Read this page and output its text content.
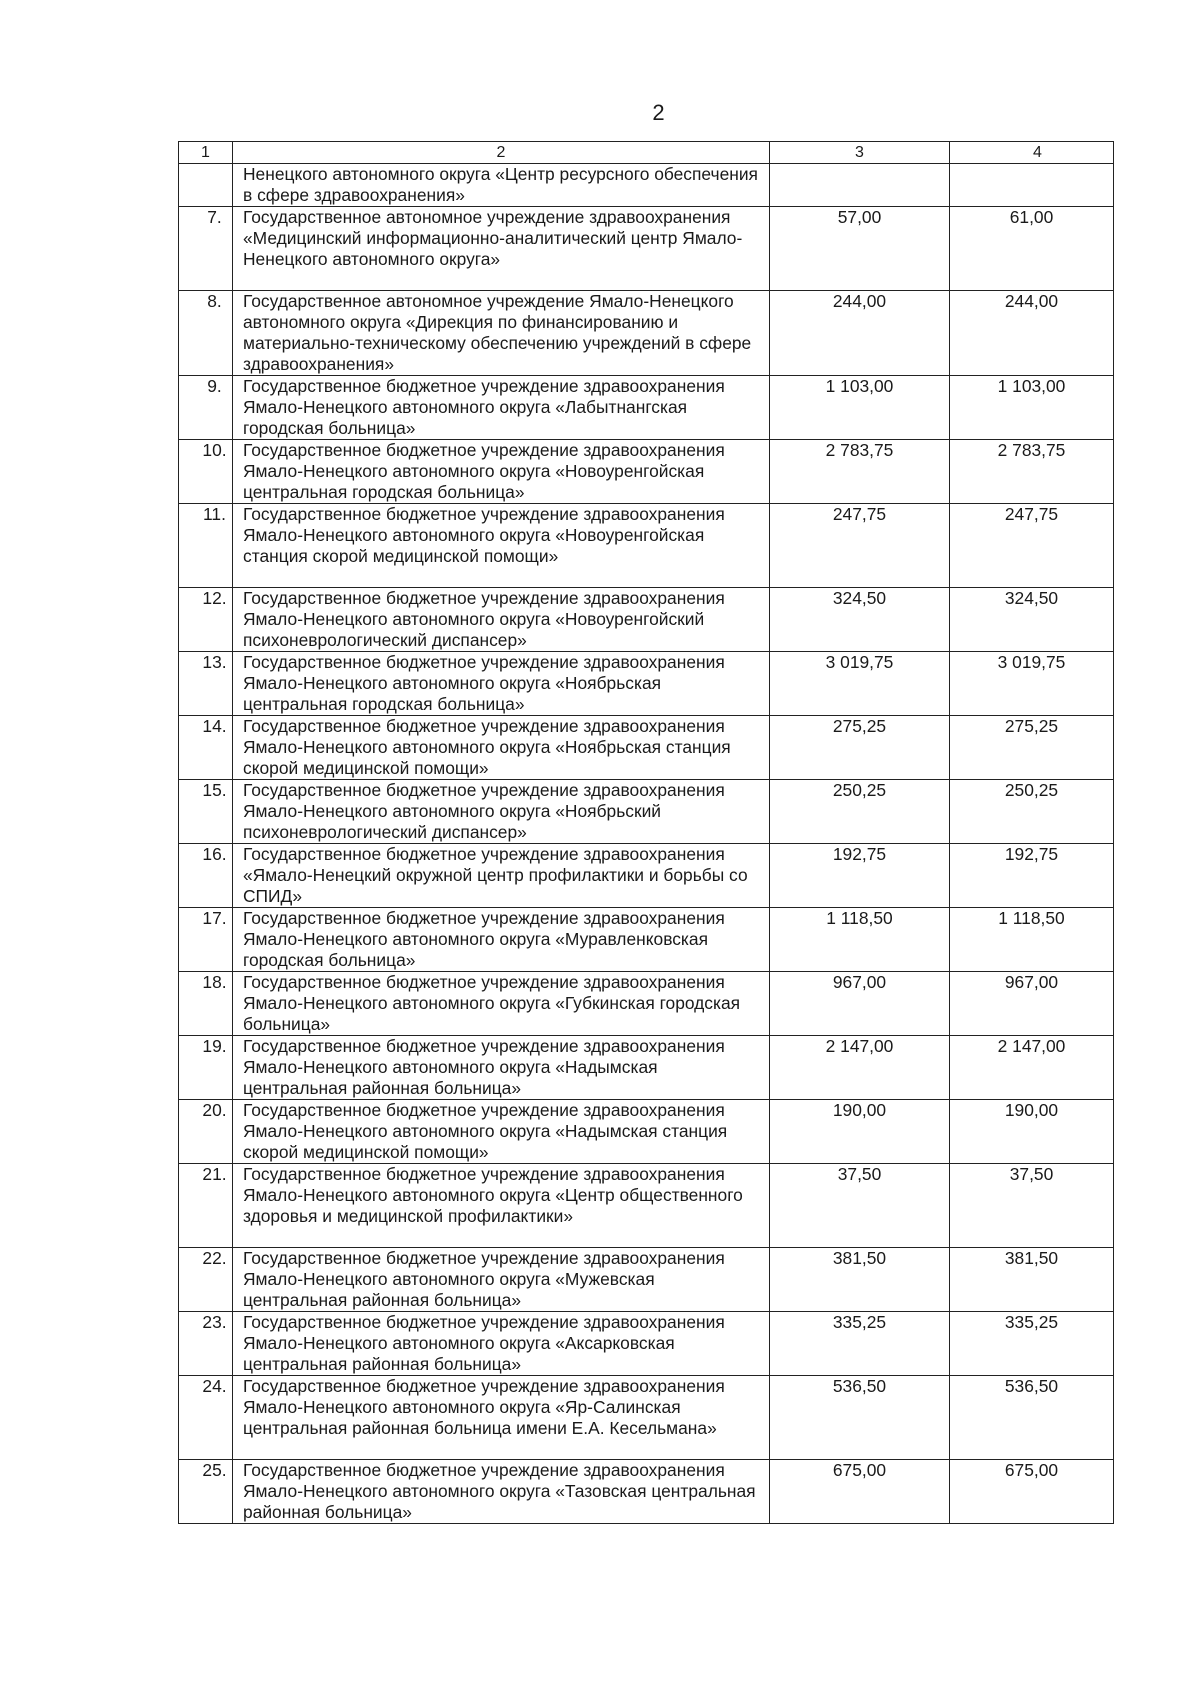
2
1	2	3	4
	Ненецкого автономного округа «Центр ресурсного обеспечения в сфере здравоохранения»		
7.	Государственное автономное учреждение здравоохранения «Медицинский информационно-аналитический центр Ямало-Ненецкого автономного округа»	57,00	61,00
8.	Государственное автономное учреждение Ямало-Ненецкого автономного округа «Дирекция по финансированию и материально-техническому обеспечению учреждений в сфере здравоохранения»	244,00	244,00
9.	Государственное бюджетное учреждение здравоохранения Ямало-Ненецкого автономного округа «Лабытнангская городская больница»	1 103,00	1 103,00
10.	Государственное бюджетное учреждение здравоохранения Ямало-Ненецкого автономного округа «Новоуренгойская центральная городская больница»	2 783,75	2 783,75
11.	Государственное бюджетное учреждение здравоохранения Ямало-Ненецкого автономного округа «Новоуренгойская станция скорой медицинской помощи»	247,75	247,75
12.	Государственное бюджетное учреждение здравоохранения Ямало-Ненецкого автономного округа «Новоуренгойский психоневрологический диспансер»	324,50	324,50
13.	Государственное бюджетное учреждение здравоохранения Ямало-Ненецкого автономного округа «Ноябрьская центральная городская больница»	3 019,75	3 019,75
14.	Государственное бюджетное учреждение здравоохранения Ямало-Ненецкого автономного округа «Ноябрьская станция скорой медицинской помощи»	275,25	275,25
15.	Государственное бюджетное учреждение здравоохранения Ямало-Ненецкого автономного округа «Ноябрьский психоневрологический диспансер»	250,25	250,25
16.	Государственное бюджетное учреждение здравоохранения «Ямало-Ненецкий окружной центр профилактики и борьбы со СПИД»	192,75	192,75
17.	Государственное бюджетное учреждение здравоохранения Ямало-Ненецкого автономного округа «Муравленковская городская больница»	1 118,50	1 118,50
18.	Государственное бюджетное учреждение здравоохранения Ямало-Ненецкого автономного округа «Губкинская городская больница»	967,00	967,00
19.	Государственное бюджетное учреждение здравоохранения Ямало-Ненецкого автономного округа «Надымская центральная районная больница»	2 147,00	2 147,00
20.	Государственное бюджетное учреждение здравоохранения Ямало-Ненецкого автономного округа «Надымская станция скорой медицинской помощи»	190,00	190,00
21.	Государственное бюджетное учреждение здравоохранения Ямало-Ненецкого автономного округа «Центр общественного здоровья и медицинской профилактики»	37,50	37,50
22.	Государственное бюджетное учреждение здравоохранения Ямало-Ненецкого автономного округа «Мужевская центральная районная больница»	381,50	381,50
23.	Государственное бюджетное учреждение здравоохранения Ямало-Ненецкого автономного округа «Аксарковская центральная районная больница»	335,25	335,25
24.	Государственное бюджетное учреждение здравоохранения Ямало-Ненецкого автономного округа «Яр-Салинская центральная районная больница имени Е.А. Кесельмана»	536,50	536,50
25.	Государственное бюджетное учреждение здравоохранения Ямало-Ненецкого автономного округа «Тазовская центральная районная больница»	675,00	675,00
